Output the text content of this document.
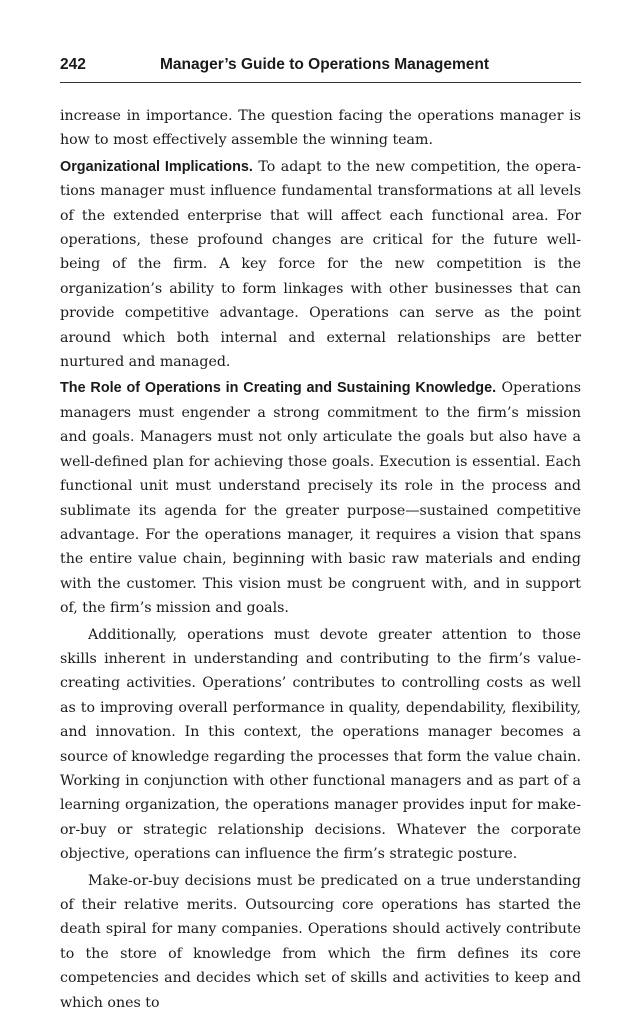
242	Manager’s Guide to Operations Management

increase in importance. The question facing the operations manager is how to most effectively assemble the winning team.

Organizational Implications. To adapt to the new competition, the operations manager must influence fundamental transformations at all levels of the extended enterprise that will affect each functional area. For operations, these profound changes are critical for the future well-being of the firm. A key force for the new competition is the organization’s ability to form linkages with other businesses that can provide competitive advantage. Operations can serve as the point around which both internal and external relationships are better nurtured and managed.

The Role of Operations in Creating and Sustaining Knowledge. Operations managers must engender a strong commitment to the firm’s mission and goals. Managers must not only articulate the goals but also have a well-defined plan for achieving those goals. Execution is essential. Each functional unit must understand precisely its role in the process and sublimate its agenda for the greater purpose—sustained competitive advantage. For the operations manager, it requires a vision that spans the entire value chain, beginning with basic raw materials and ending with the customer. This vision must be congruent with, and in support of, the firm’s mission and goals.

Additionally, operations must devote greater attention to those skills inherent in understanding and contributing to the firm’s value-creating activities. Operations’ contributes to controlling costs as well as to improving overall performance in quality, dependability, flexibility, and innovation. In this context, the operations manager becomes a source of knowledge regarding the processes that form the value chain. Working in conjunction with other functional managers and as part of a learning organization, the operations manager provides input for make-or-buy or strategic relationship decisions. Whatever the corporate objective, operations can influence the firm’s strategic posture.

Make-or-buy decisions must be predicated on a true understanding of their relative merits. Outsourcing core operations has started the death spiral for many companies. Operations should actively contribute to the store of knowledge from which the firm defines its core competencies and decides which set of skills and activities to keep and which ones to
